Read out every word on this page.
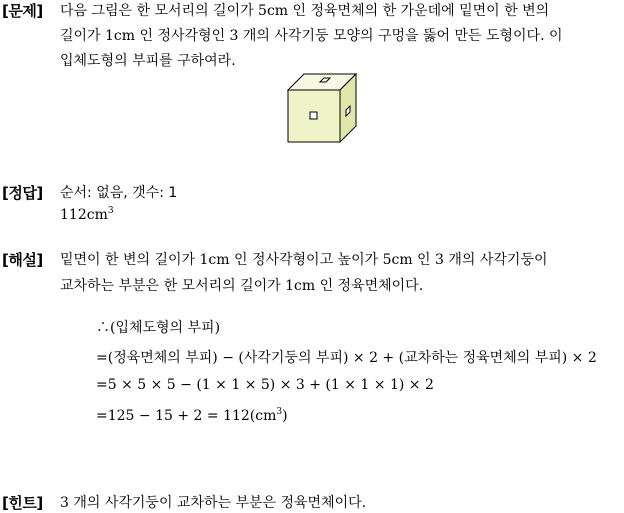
[문제] 다음 그림은 한 모서리의 길이가 5cm 인 정육면체의 한 가운데에 밑면이 한 변의
길이가 1cm 인 정사각형인 3 개의 사각기둥 모양의 구멍을 뚫어 만든 도형이다. 이
입체도형의 부피를 구하여라.
[정답] 순서: 없음, 갯수: 1
$112cm^3$
[해설] 밑면이 한 변의 길이가 1cm 인 정사각형이고 높이가 5cm 인 3 개의 사각기둥이
교차하는 부분은 한 모서리의 길이가 1cm 인 정육면체이다.
∴(입체도형의 부피)
=(정육면체의 부피) − (사각기둥의 부피) × 2 + (교차하는 정육면체의 부피) × 2
=5 × 5 × 5 − (1 × 1 × 5) × 3 + (1 × 1 × 1) × 2
$=125 - 15 + 2 = 112(cm^3)$
[힌트] 3 개의 사각기둥이 교차하는 부분은 정육면체이다.
